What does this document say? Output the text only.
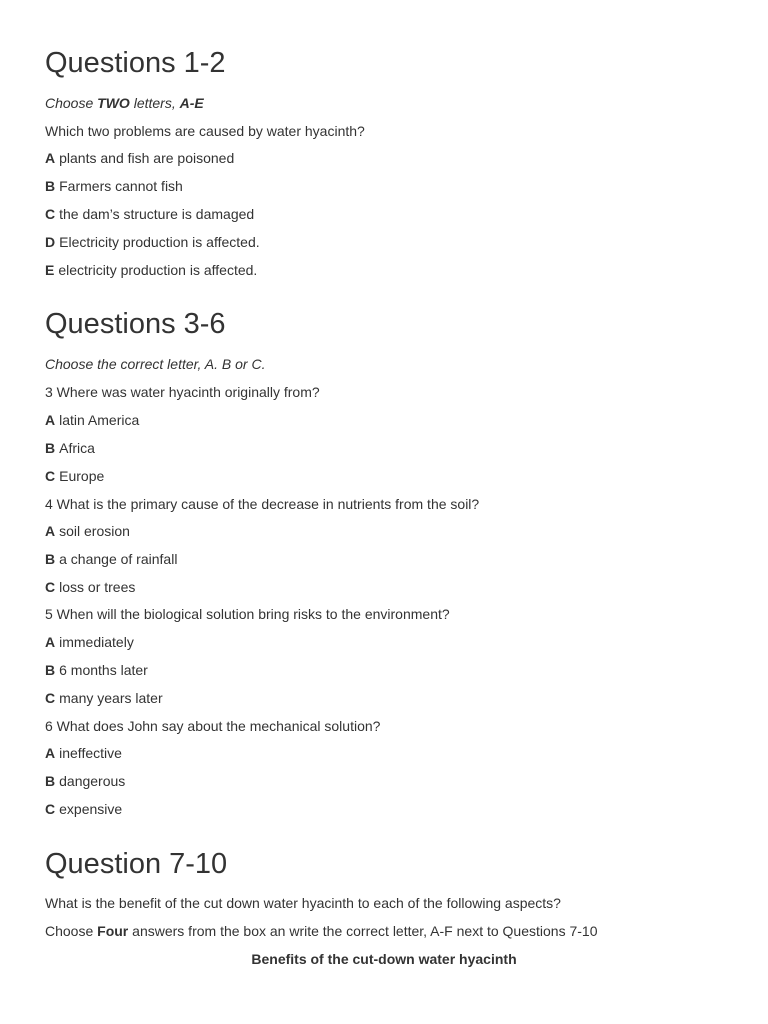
Questions 1-2
Choose TWO letters, A-E
Which two problems are caused by water hyacinth?
A plants and fish are poisoned
B Farmers cannot fish
C the dam’s structure is damaged
D Electricity production is affected.
E electricity production is affected.
Questions 3-6
Choose the correct letter, A. B or C.
3 Where was water hyacinth originally from?
A latin America
B Africa
C Europe
4 What is the primary cause of the decrease in nutrients from the soil?
A soil erosion
B a change of rainfall
C loss or trees
5 When will the biological solution bring risks to the environment?
A immediately
B 6 months later
C many years later
6 What does John say about the mechanical solution?
A ineffective
B dangerous
C expensive
Question 7-10
What is the benefit of the cut down water hyacinth to each of the following aspects?
Choose Four answers from the box an write the correct letter, A-F next to Questions 7-10
Benefits of the cut-down water hyacinth
